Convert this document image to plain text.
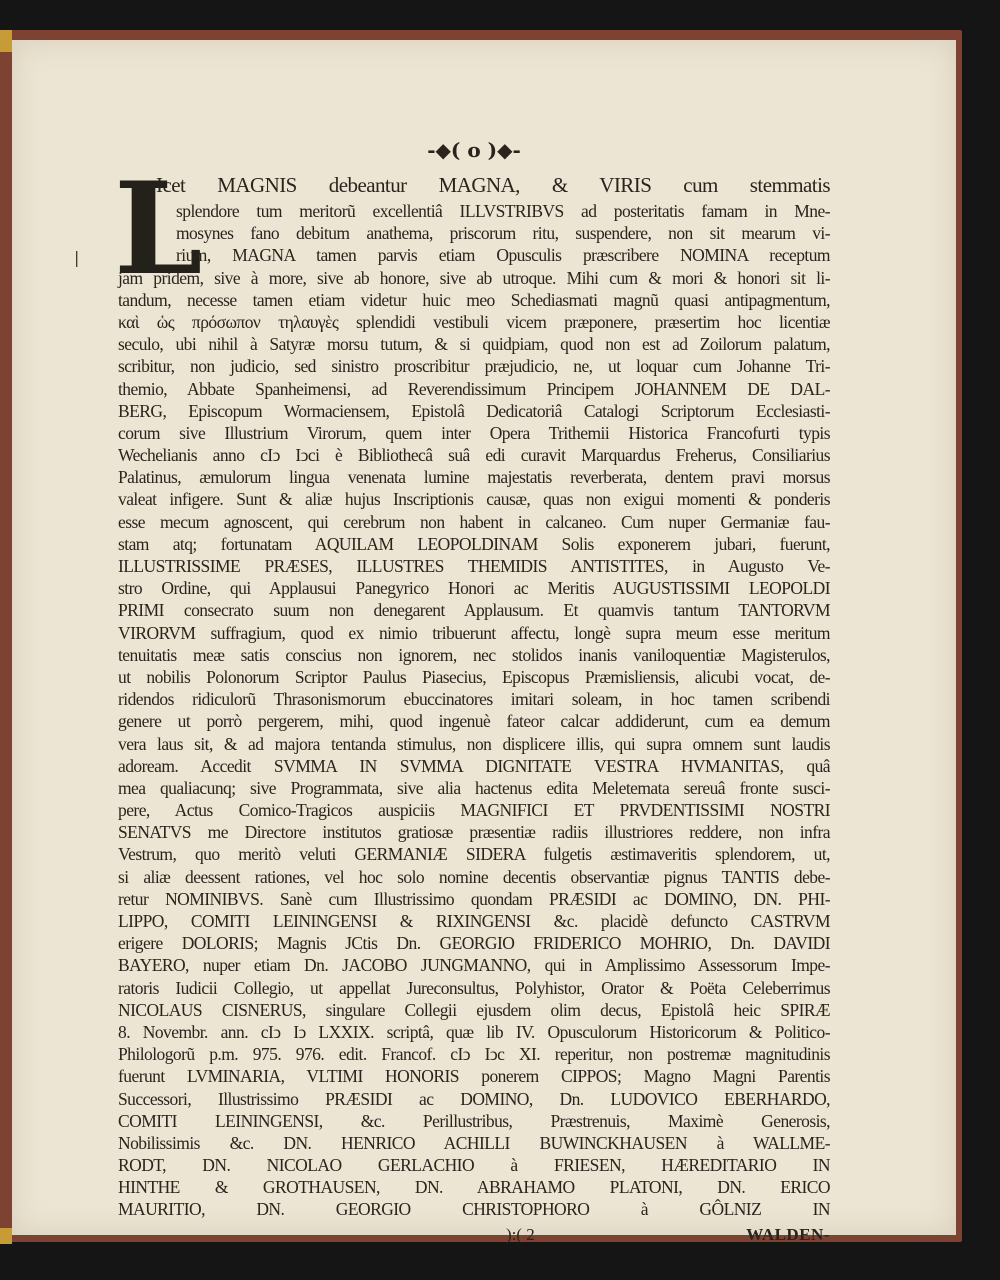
|
-◆( o )◆-
L
Icet MAGNIS debeantur MAGNA, & VIRIS cum stemmatis
splendore tum meritorũ excellentiâ ILLVSTRIBVS ad posteritatis famam in Mne-
mosynes fano debitum anathema, priscorum ritu, suspendere, non sit mearum vi-
rium, MAGNA tamen parvis etiam Opusculis præscribere NOMINA receptum
jam pridem, sive à more, sive ab honore, sive ab utroque. Mihi cum & mori & honori sit li-
tandum, necesse tamen etiam videtur huic meo Schediasmati magnũ quasi antipagmentum,
καὶ ὡς πρόσωπον τηλαυγὲς splendidi vestibuli vicem præponere, præsertim hoc licentiæ
seculo, ubi nihil à Satyræ morsu tutum, & si quidpiam, quod non est ad Zoilorum palatum,
scribitur, non judicio, sed sinistro proscribitur præjudicio, ne, ut loquar cum Johanne Tri-
themio, Abbate Spanheimensi, ad Reverendissimum Principem JOHANNEM DE DAL-
BERG, Episcopum Wormaciensem, Epistolâ Dedicatoriâ Catalogi Scriptorum Ecclesiasti-
corum sive Illustrium Virorum, quem inter Opera Trithemii Historica Francofurti typis
Wechelianis anno cIↄ Iↄci è Bibliothecâ suâ edi curavit Marquardus Freherus, Consiliarius
Palatinus, æmulorum lingua venenata lumine majestatis reverberata, dentem pravi morsus
valeat infigere. Sunt & aliæ hujus Inscriptionis causæ, quas non exigui momenti & ponderis
esse mecum agnoscent, qui cerebrum non habent in calcaneo. Cum nuper Germaniæ fau-
stam atq; fortunatam AQUILAM LEOPOLDINAM Solis exponerem jubari, fuerunt,
ILLUSTRISSIME PRÆSES, ILLUSTRES THEMIDIS ANTISTITES, in Augusto Ve-
stro Ordine, qui Applausui Panegyrico Honori ac Meritis AUGUSTISSIMI LEOPOLDI
PRIMI consecrato suum non denegarent Applausum. Et quamvis tantum TANTORVM
VIRORVM suffragium, quod ex nimio tribuerunt affectu, longè supra meum esse meritum
tenuitatis meæ satis conscius non ignorem, nec stolidos inanis vaniloquentiæ Magisterulos,
ut nobilis Polonorum Scriptor Paulus Piasecius, Episcopus Præmisliensis, alicubi vocat, de-
ridendos ridiculorũ Thrasonismorum ebuccinatores imitari soleam, in hoc tamen scribendi
genere ut porrò pergerem, mihi, quod ingenuè fateor calcar addiderunt, cum ea demum
vera laus sit, & ad majora tentanda stimulus, non displicere illis, qui supra omnem sunt laudis
adoream. Accedit SVMMA IN SVMMA DIGNITATE VESTRA HVMANITAS, quâ
mea qualiacunq; sive Programmata, sive alia hactenus edita Meletemata sereuâ fronte susci-
pere, Actus Comico-Tragicos auspiciis MAGNIFICI ET PRVDENTISSIMI NOSTRI
SENATVS me Directore institutos gratiosæ præsentiæ radiis illustriores reddere, non infra
Vestrum, quo meritò veluti GERMANIÆ SIDERA fulgetis æstimaveritis splendorem, ut,
si aliæ deessent rationes, vel hoc solo nomine decentis observantiæ pignus TANTIS debe-
retur NOMINIBVS. Sanè cum Illustrissimo quondam PRÆSIDI ac DOMINO, DN. PHI-
LIPPO, COMITI LEININGENSI & RIXINGENSI &c. placidè defuncto CASTRVM
erigere DOLORIS; Magnis JCtis Dn. GEORGIO FRIDERICO MOHRIO, Dn. DAVIDI
BAYERO, nuper etiam Dn. JACOBO JUNGMANNO, qui in Amplissimo Assessorum Impe-
ratoris Iudicii Collegio, ut appellat Jureconsultus, Polyhistor, Orator & Poëta Celeberrimus
NICOLAUS CISNERUS, singulare Collegii ejusdem olim decus, Epistolâ heic SPIRÆ
8. Novembr. ann. cIↄ Iↄ LXXIX. scriptâ, quæ lib IV. Opusculorum Historicorum & Politico-
Philologorũ p.m. 975. 976. edit. Francof. cIↄ Iↄc XI. reperitur, non postremæ magnitudinis
fuerunt LVMINARIA, VLTIMI HONORIS ponerem CIPPOS; Magno Magni Parentis
Successori, Illustrissimo PRÆSIDI ac DOMINO, Dn. LUDOVICO EBERHARDO,
COMITI LEININGENSI, &c. Perillustribus, Præstrenuis, Maximè Generosis,
Nobilissimis &c. DN. HENRICO ACHILLI BUWINCKHAUSEN à WALLME-
RODT, DN. NICOLAO GERLACHIO à FRIESEN, HÆREDITARIO IN
HINTHE & GROTHAUSEN, DN. ABRAHAMO PLATONI, DN. ERICO
MAURITIO, DN. GEORGIO CHRISTOPHORO à GÔLNIZ IN
):( 2	WALDEN-
